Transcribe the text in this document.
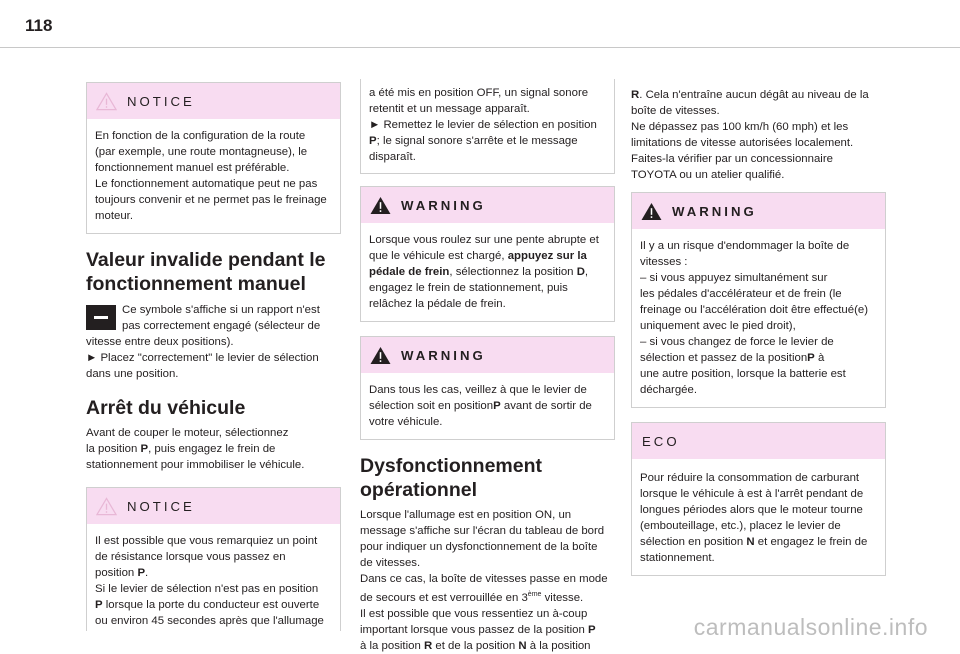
118
NOTICE

En fonction de la configuration de la route

(par exemple, une route montagneuse), le

fonctionnement manuel est préférable.

Le fonctionnement automatique peut ne pas

toujours convenir et ne permet pas le freinage

moteur.

Valeur invalide pendant le

fonctionnement manuel

Ce symbole s'affiche si un rapport n'est

pas correctement engagé (sélecteur de

vitesse entre deux positions).

► Placez "correctement" le levier de sélection

dans une position.

Arrêt du véhicule

Avant de couper le moteur, sélectionnez

la position P, puis engagez le frein de

stationnement pour immobiliser le véhicule.

NOTICE

Il est possible que vous remarquiez un point

de résistance lorsque vous passez en

position P.

Si le levier de sélection n'est pas en position

P lorsque la porte du conducteur est ouverte

ou environ 45 secondes après que l'allumage

a été mis en position OFF, un signal sonore

retentit et un message apparaît.

► Remettez le levier de sélection en position

P; le signal sonore s'arrête et le message

disparaît.

WARNING

Lorsque vous roulez sur une pente abrupte et

que le véhicule est chargé, appuyez sur la

pédale de frein, sélectionnez la position D,

engagez le frein de stationnement, puis

relâchez la pédale de frein.

WARNING

Dans tous les cas, veillez à que le levier de

sélection soit en positionP avant de sortir de

votre véhicule.

Dysfonctionnement

opérationnel

Lorsque l'allumage est en position ON, un

message s'affiche sur l'écran du tableau de bord

pour indiquer un dysfonctionnement de la boîte

de vitesses.

Dans ce cas, la boîte de vitesses passe en mode

de secours et est verrouillée en 3ème vitesse.

Il est possible que vous ressentiez un à-coup

important lorsque vous passez de la position P

à la position R et de la position N à la position

R. Cela n'entraîne aucun dégât au niveau de la

boîte de vitesses.

Ne dépassez pas 100 km/h (60 mph) et les

limitations de vitesse autorisées localement.

Faites-la vérifier par un concessionnaire

TOYOTA ou un atelier qualifié.

WARNING

Il y a un risque d'endommager la boîte de

vitesses :

– si vous appuyez simultanément sur

les pédales d'accélérateur et de frein (le

freinage ou l'accélération doit être effectué(e)

uniquement avec le pied droit),

– si vous changez de force le levier de

sélection et passez de la positionP à

une autre position, lorsque la batterie est

déchargée.

ECO

Pour réduire la consommation de carburant

lorsque le véhicule à est à l'arrêt pendant de

longues périodes alors que le moteur tourne

(embouteillage, etc.), placez le levier de

sélection en position N et engagez le frein de

stationnement.

carmanualsonline.info
